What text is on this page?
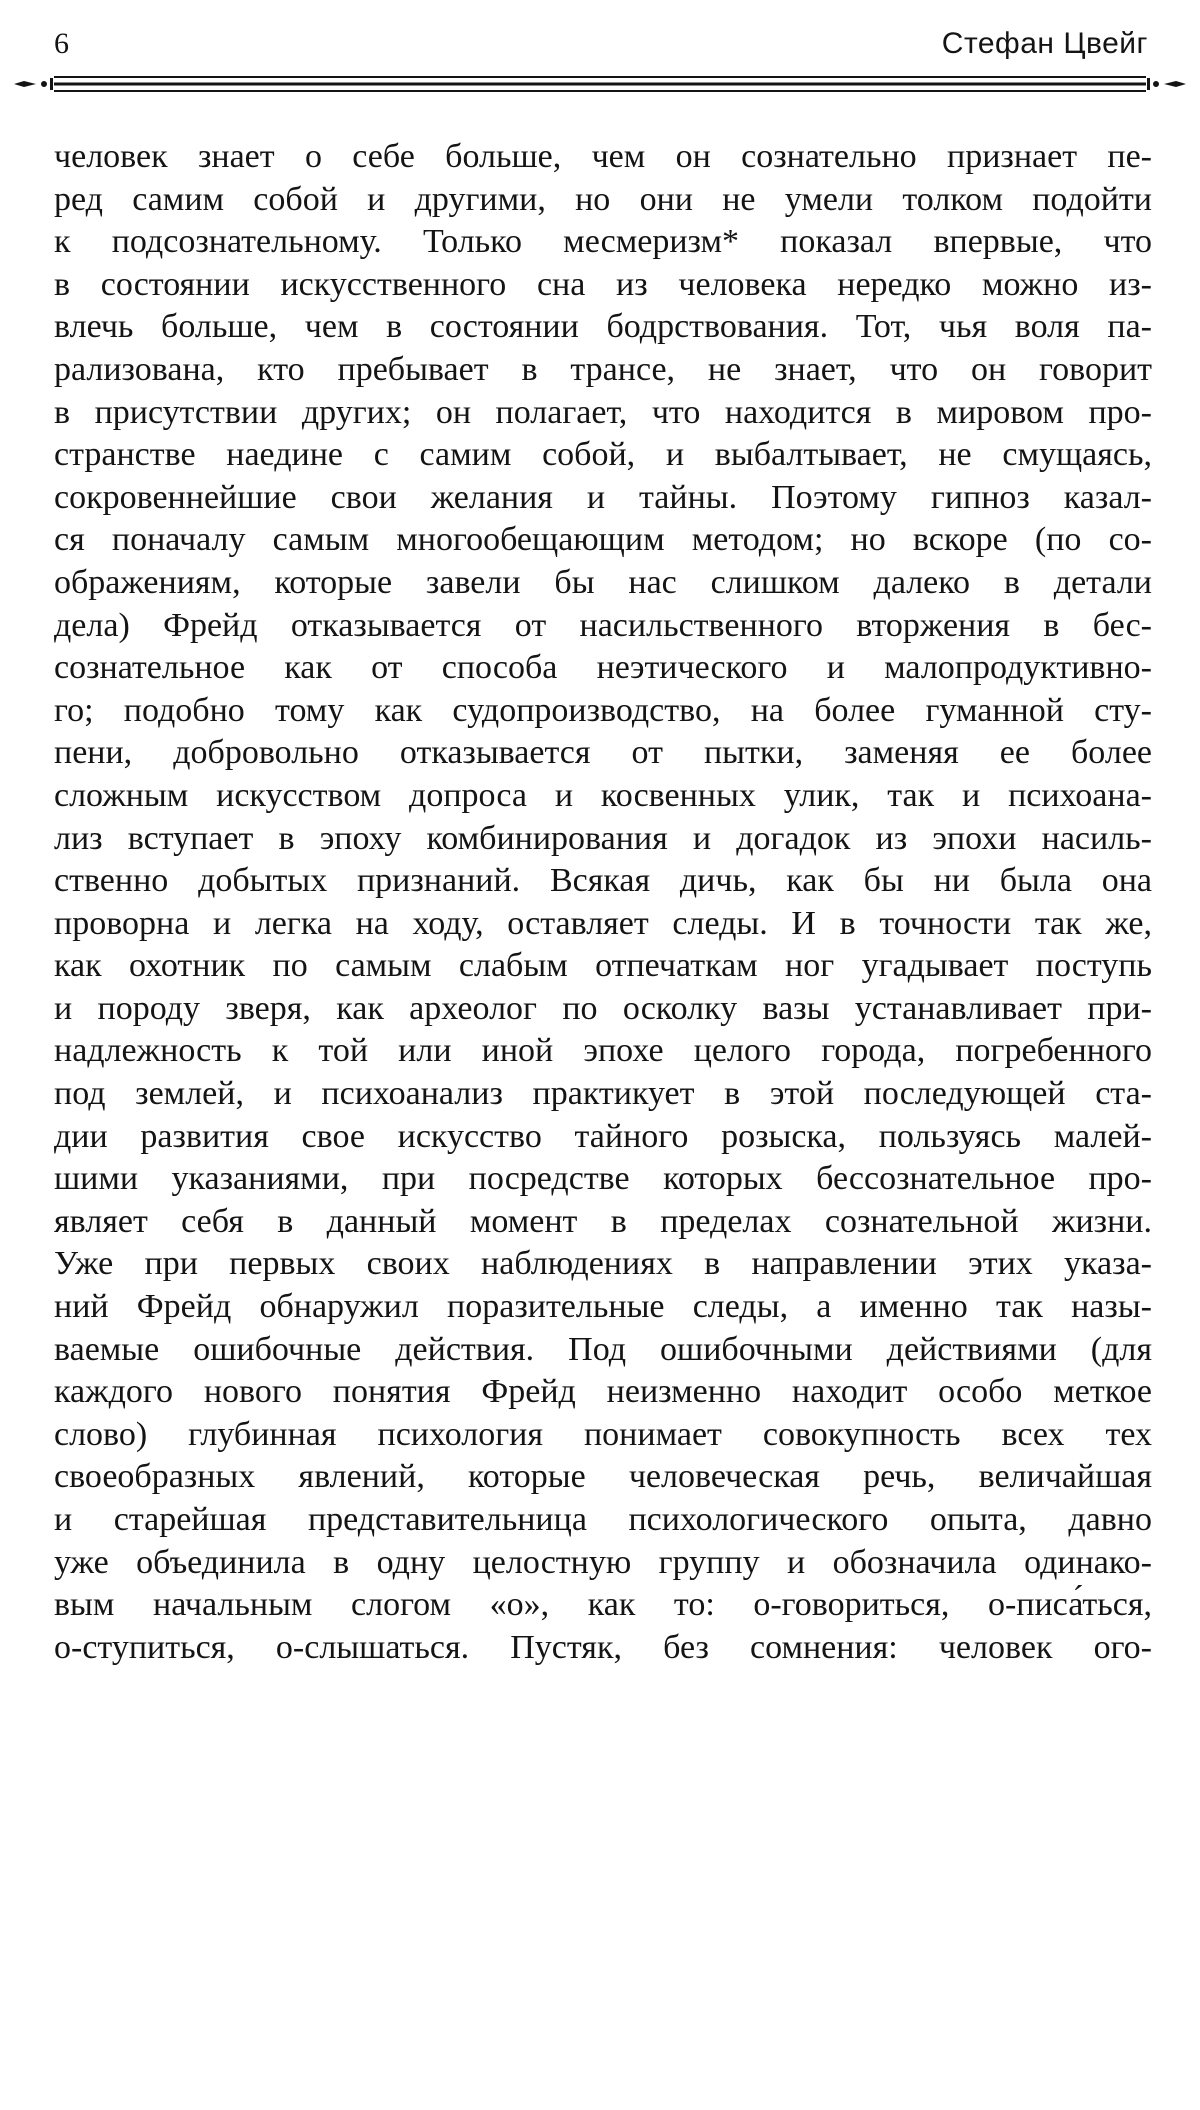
6	Стефан Цвейг
человек знает о себе больше, чем он сознательно признает пе-
ред самим собой и другими, но они не умели толком подойти
к подсознательному. Только месмеризм* показал впервые, что
в состоянии искусственного сна из человека нередко можно из-
влечь больше, чем в состоянии бодрствования. Тот, чья воля па-
рализована, кто пребывает в трансе, не знает, что он говорит
в присутствии других; он полагает, что находится в мировом про-
странстве наедине с самим собой, и выбалтывает, не смущаясь,
сокровеннейшие свои желания и тайны. Поэтому гипноз казал-
ся поначалу самым многообещающим методом; но вскоре (по со-
ображениям, которые завели бы нас слишком далеко в детали
дела) Фрейд отказывается от насильственного вторжения в бес-
сознательное как от способа неэтического и малопродуктивно-
го; подобно тому как судопроизводство, на более гуманной сту-
пени, добровольно отказывается от пытки, заменяя ее более
сложным искусством допроса и косвенных улик, так и психоана-
лиз вступает в эпоху комбинирования и догадок из эпохи насиль-
ственно добытых признаний. Всякая дичь, как бы ни была она
проворна и легка на ходу, оставляет следы. И в точности так же,
как охотник по самым слабым отпечаткам ног угадывает поступь
и породу зверя, как археолог по осколку вазы устанавливает при-
надлежность к той или иной эпохе целого города, погребенного
под землей, и психоанализ практикует в этой последующей ста-
дии развития свое искусство тайного розыска, пользуясь малей-
шими указаниями, при посредстве которых бессознательное про-
являет себя в данный момент в пределах сознательной жизни.
Уже при первых своих наблюдениях в направлении этих указа-
ний Фрейд обнаружил поразительные следы, а именно так назы-
ваемые ошибочные действия. Под ошибочными действиями (для
каждого нового понятия Фрейд неизменно находит особо меткое
слово) глубинная психология понимает совокупность всех тех
своеобразных явлений, которые человеческая речь, величайшая
и старейшая представительница психологического опыта, давно
уже объединила в одну целостную группу и обозначила одинако-
вым начальным слогом «о», как то: о-говориться, о-писа́ться,
о-ступиться, о-слышаться. Пустяк, без сомнения: человек ого-
